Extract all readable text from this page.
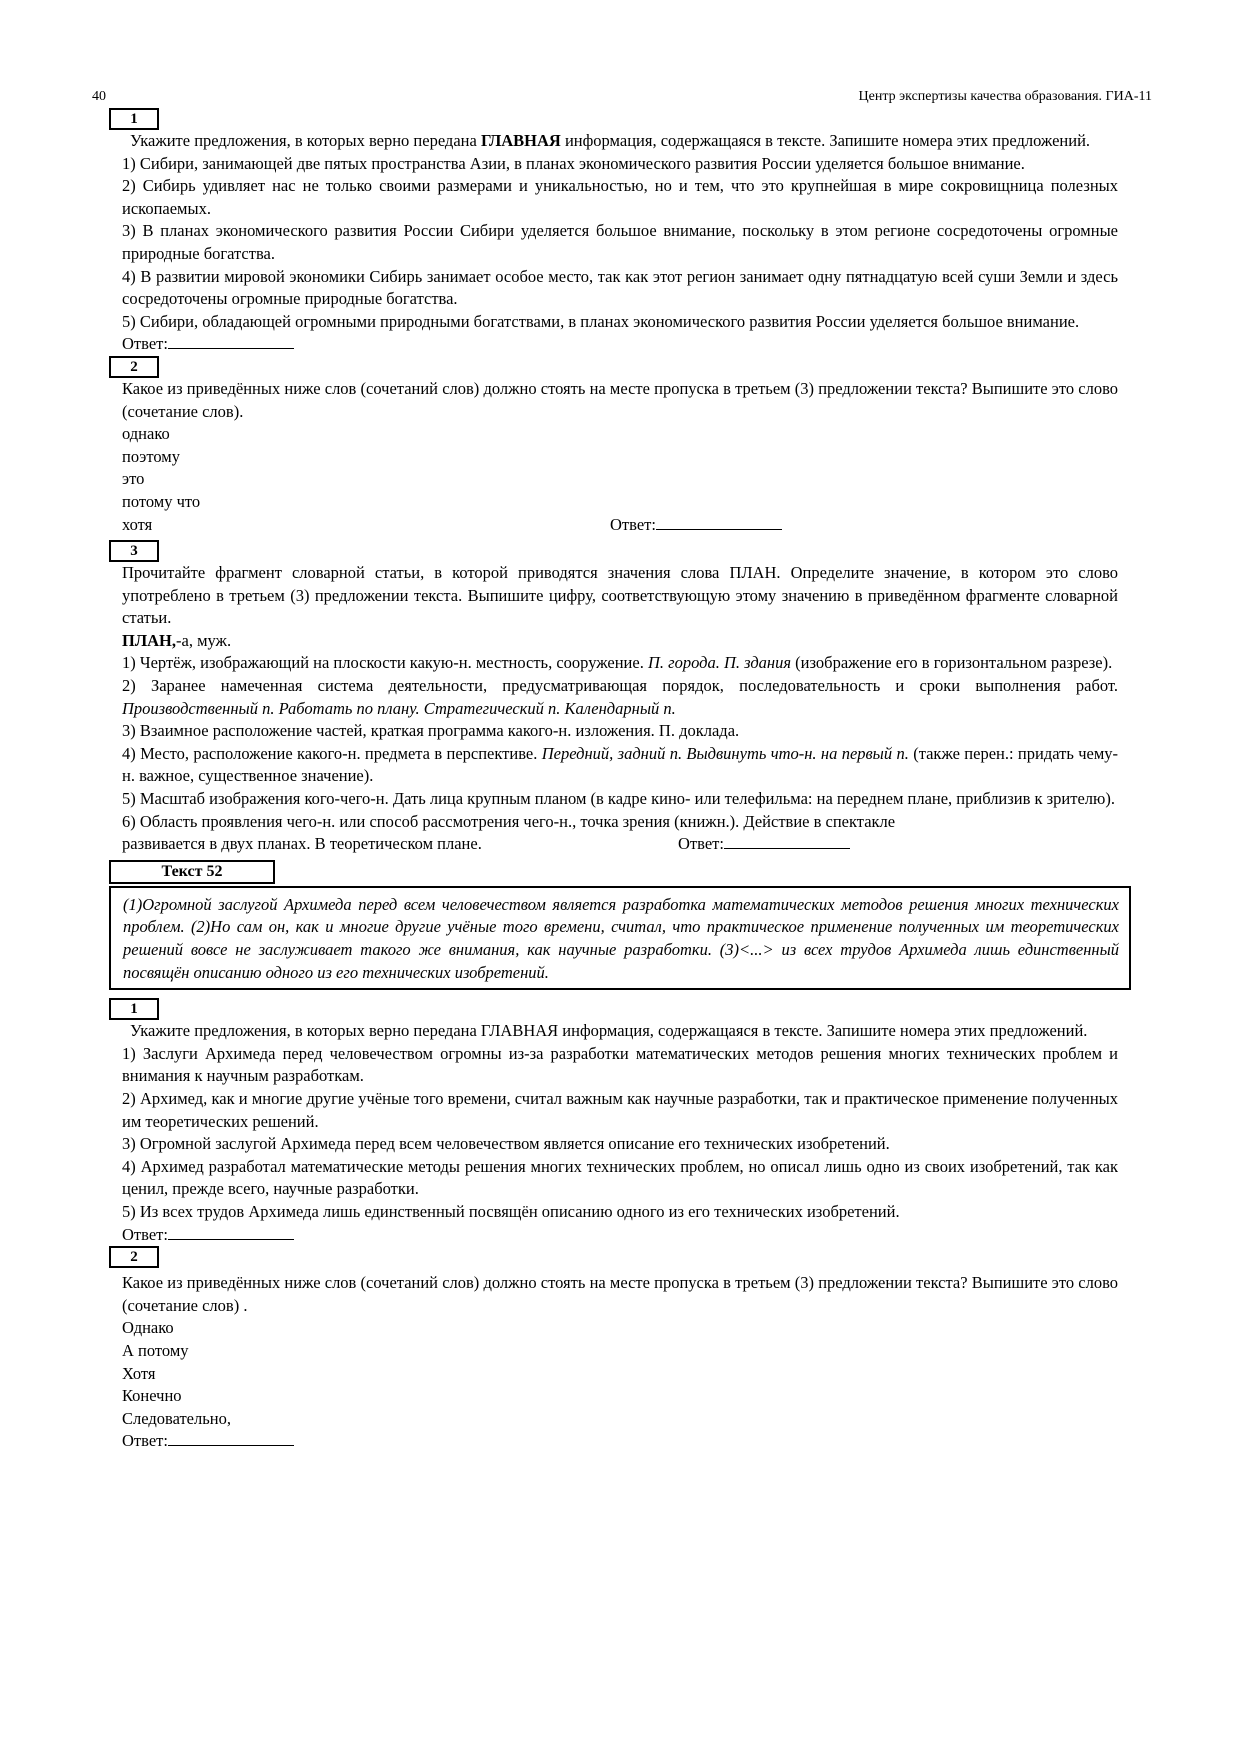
40	Центр экспертизы качества образования. ГИА-11
1

Укажите предложения, в которых верно передана ГЛАВНАЯ информация, содержащаяся в тексте. Запишите номера этих предложений.

1) Сибири, занимающей две пятых пространства Азии, в планах экономического развития России уделяется большое внимание.

2) Сибирь удивляет нас не только своими размерами и уникальностью, но и тем, что это крупнейшая в мире сокровищница полезных ископаемых.

3) В планах экономического развития России Сибири уделяется большое внимание, поскольку в этом регионе сосредоточены огромные природные богатства.

4) В развитии мировой экономики Сибирь занимает особое место, так как этот регион занимает одну пятнадцатую всей суши Земли и здесь сосредоточены огромные природные богатства.

5) Сибири, обладающей огромными природными богатствами, в планах экономического развития России уделяется большое внимание.

Ответ:

2

Какое из приведённых ниже слов (сочетаний слов) должно стоять на месте пропуска в третьем (3) предложении текста? Выпишите это слово (сочетание слов).

однако

поэтому

это

потому что

хотя	Ответ:
3

Прочитайте фрагмент словарной статьи, в которой приводятся значения слова ПЛАН. Определите значение, в котором это слово употреблено в третьем (3) предложении текста. Выпишите цифру, соответствующую этому значению в приведённом фрагменте словарной статьи.

ПЛАН,-а, муж.

1) Чертёж, изображающий на плоскости какую-н. местность, сооружение. П. города. П. здания (изображение его в горизонтальном разрезе).

2) Заранее намеченная система деятельности, предусматривающая порядок, последовательность и сроки выполнения работ. Производственный п. Работать по плану. Стратегический п. Календарный п.

3) Взаимное расположение частей, краткая программа какого-н. изложения. П. доклада.

4) Место, расположение какого-н. предмета в перспективе. Передний, задний п. Выдвинуть что-н. на первый п. (также перен.: придать чему-н. важное, существенное значение).

5) Масштаб изображения кого-чего-н. Дать лица крупным планом (в кадре кино- или телефильма: на переднем плане, приблизив к зрителю).

6) Область проявления чего-н. или способ рассмотрения чего-н., точка зрения (книжн.). Действие в спектакле

развивается в двух планах. В теоретическом плане.	Ответ:
Текст 52
(1)Огромной заслугой Архимеда перед всем человечеством является разработка математических методов решения многих технических проблем. (2)Но сам он, как и многие другие учёные того времени, считал, что практическое применение полученных им теоретических решений вовсе не заслуживает такого же внимания, как научные разработки. (3)<...> из всех трудов Архимеда лишь единственный посвящён описанию одного из его технических изобретений.
1

Укажите предложения, в которых верно передана ГЛАВНАЯ информация, содержащаяся в тексте. Запишите номера этих предложений.

1) Заслуги Архимеда перед человечеством огромны из-за разработки математических методов решения многих технических проблем и внимания к научным разработкам.

2) Архимед, как и многие другие учёные того времени, считал важным как научные разработки, так и практическое применение полученных им теоретических решений.

3) Огромной заслугой Архимеда перед всем человечеством является описание его технических изобретений.

4) Архимед разработал математические методы решения многих технических проблем, но описал лишь одно из своих изобретений, так как ценил, прежде всего, научные разработки.

5) Из всех трудов Архимеда лишь единственный посвящён описанию одного из его технических изобретений.

Ответ:

2

Какое из приведённых ниже слов (сочетаний слов) должно стоять на месте пропуска в третьем (3) предложении текста? Выпишите это слово (сочетание слов) .

Однако

А потому

Хотя

Конечно

Следовательно,

Ответ:
